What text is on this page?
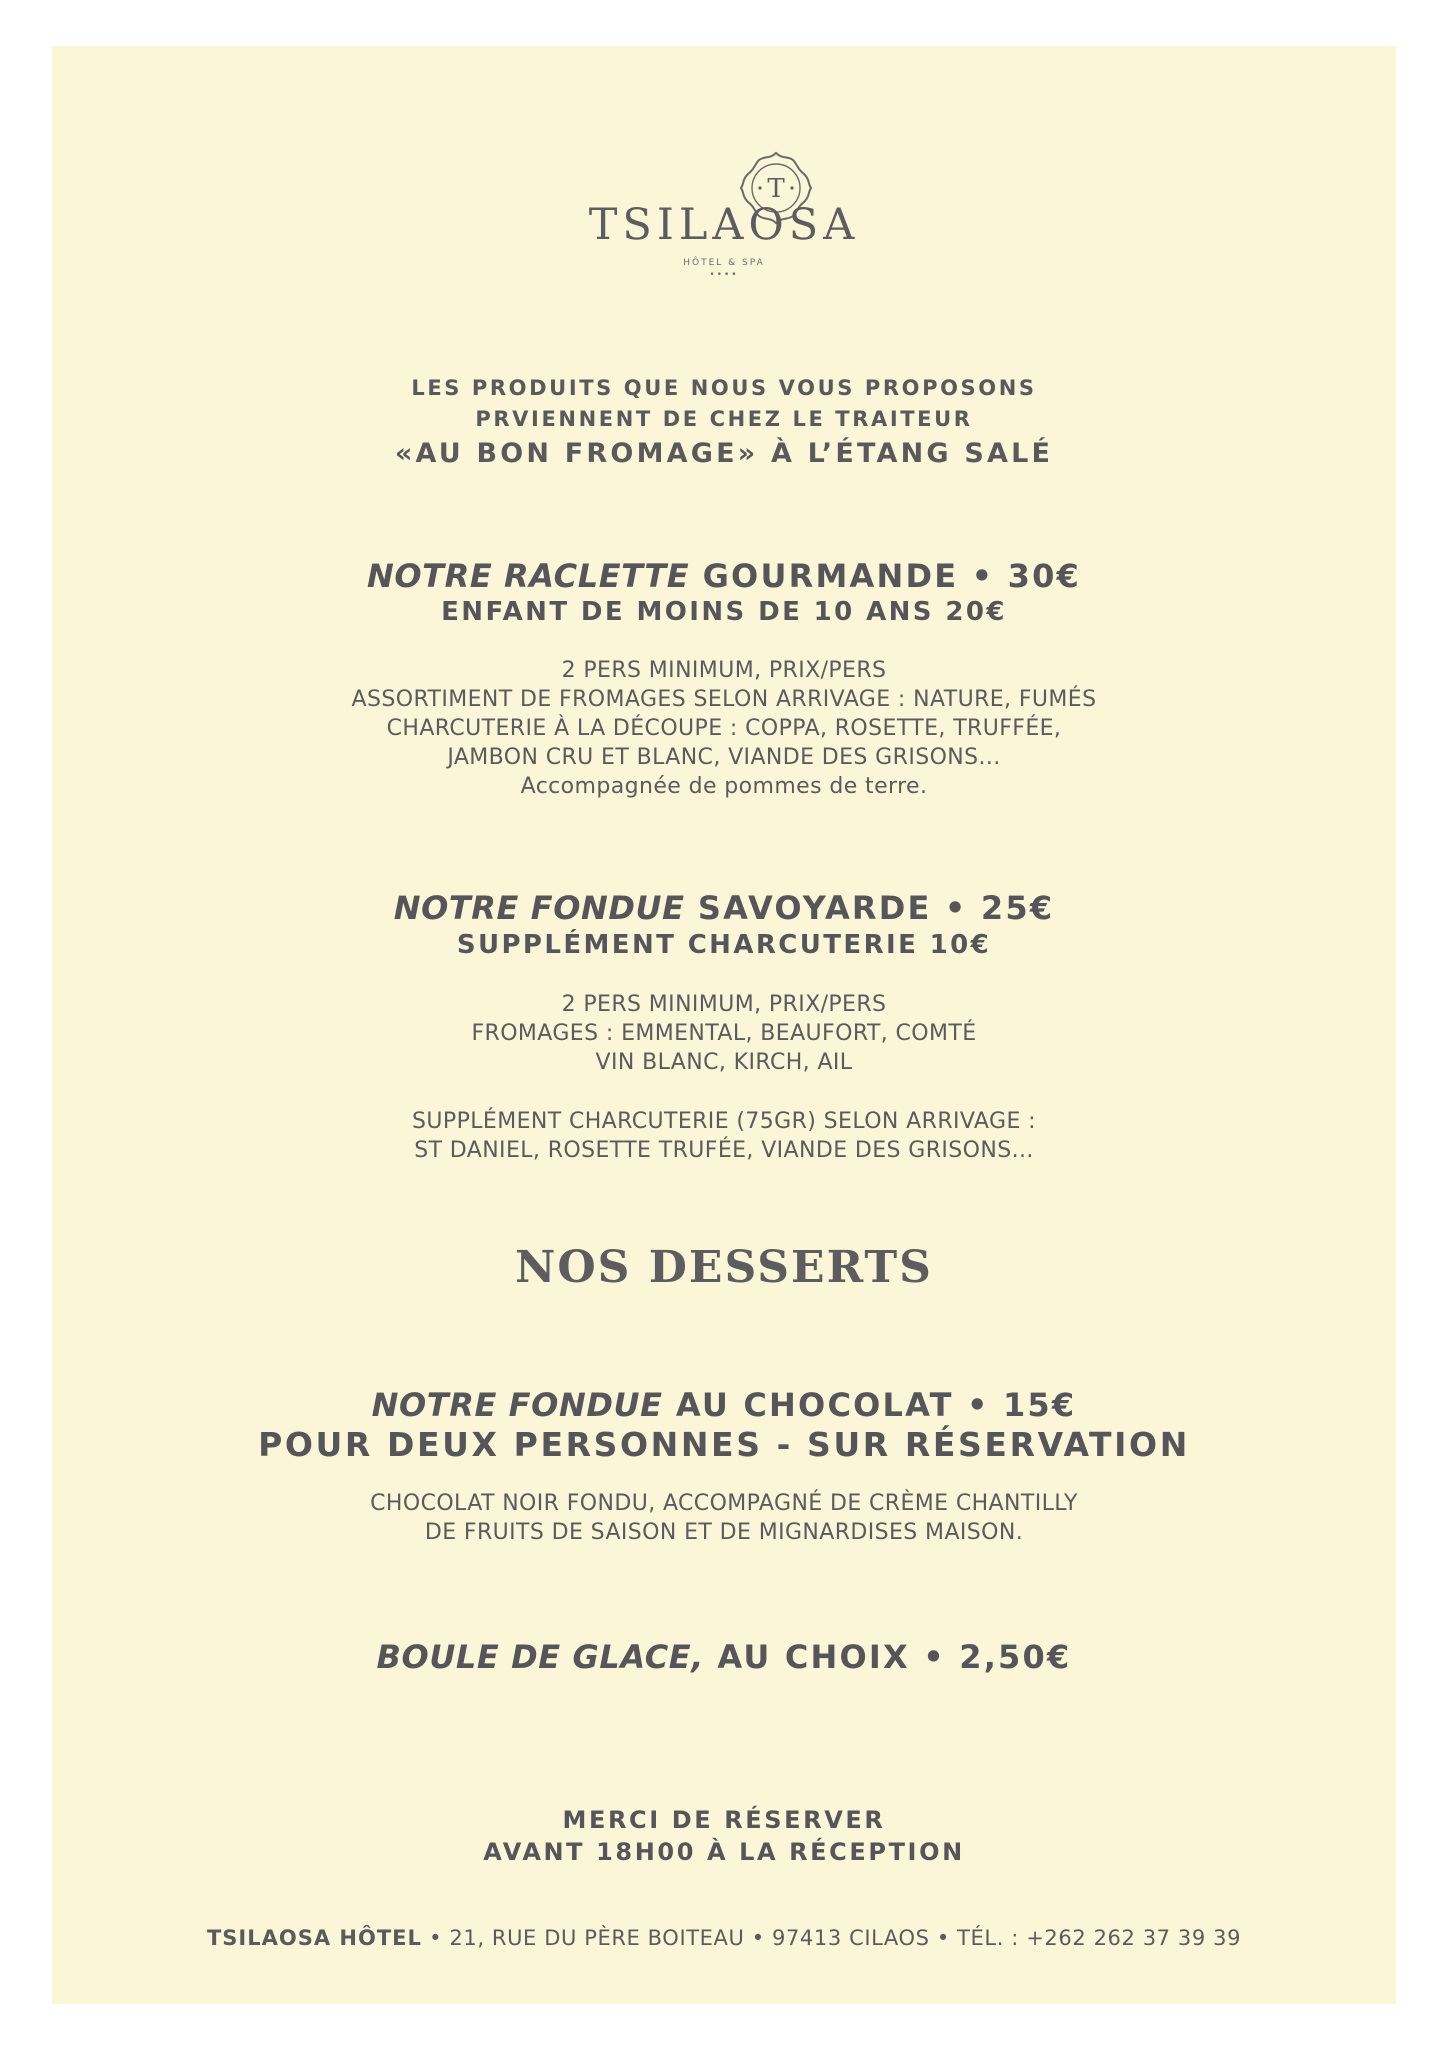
T
TSILAOSA
HÔTEL & SPA
••••
LES PRODUITS QUE NOUS VOUS PROPOSONS
PRVIENNENT DE CHEZ LE TRAITEUR
«AU BON FROMAGE» À L’ÉTANG SALÉ
NOTRE RACLETTE GOURMANDE • 30€
ENFANT DE MOINS DE 10 ANS 20€
2 PERS MINIMUM, PRIX/PERS
ASSORTIMENT DE FROMAGES SELON ARRIVAGE : NATURE, FUMÉS
CHARCUTERIE À LA DÉCOUPE : COPPA, ROSETTE, TRUFFÉE,
JAMBON CRU ET BLANC, VIANDE DES GRISONS...
Accompagnée de pommes de terre.
NOTRE FONDUE SAVOYARDE • 25€
SUPPLÉMENT CHARCUTERIE 10€
2 PERS MINIMUM, PRIX/PERS
FROMAGES : EMMENTAL, BEAUFORT, COMTÉ
VIN BLANC, KIRCH, AIL
SUPPLÉMENT CHARCUTERIE (75GR) SELON ARRIVAGE :
ST DANIEL, ROSETTE TRUFÉE, VIANDE DES GRISONS...
NOS DESSERTS
NOTRE FONDUE AU CHOCOLAT • 15€
POUR DEUX PERSONNES - SUR RÉSERVATION
CHOCOLAT NOIR FONDU, ACCOMPAGNÉ DE CRÈME CHANTILLY
DE FRUITS DE SAISON ET DE MIGNARDISES MAISON.
BOULE DE GLACE, AU CHOIX • 2,50€
MERCI DE RÉSERVER
AVANT 18H00 À LA RÉCEPTION
TSILAOSA HÔTEL • 21, RUE DU PÈRE BOITEAU • 97413 CILAOS • TÉL. : +262 262 37 39 39
